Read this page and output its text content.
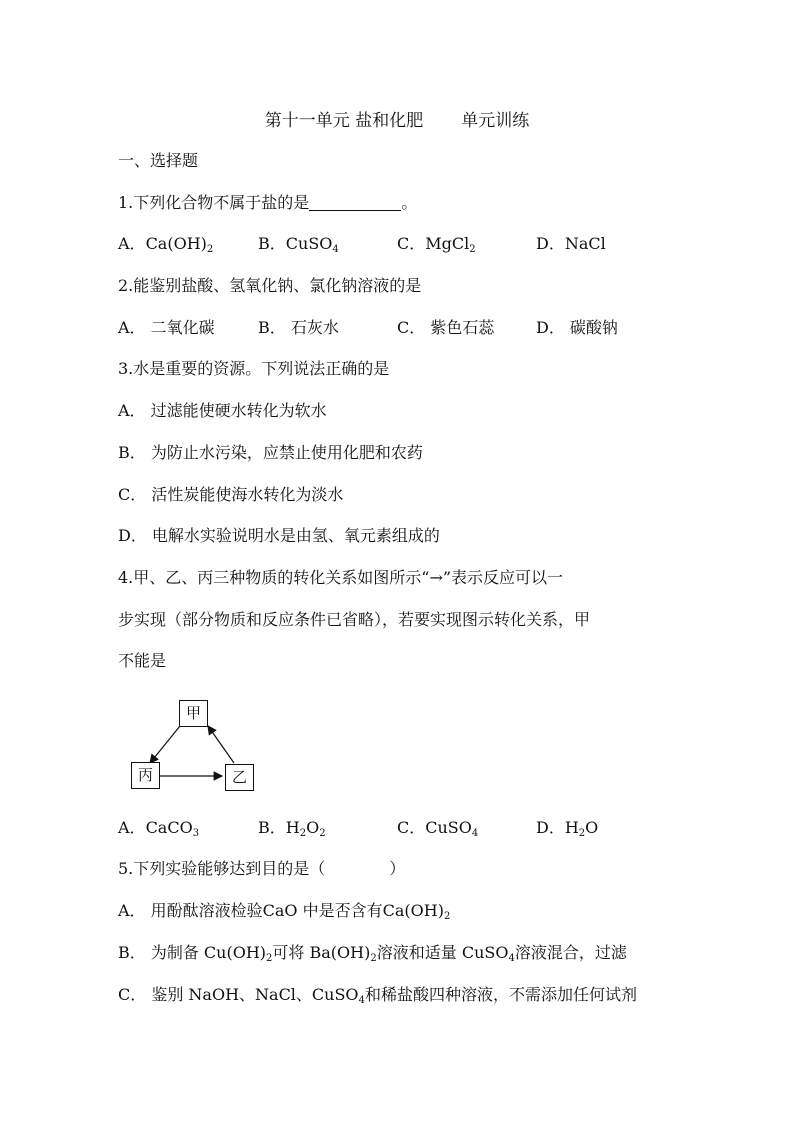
第十一单元 盐和化肥 单元训练
一、选择题
1.下列化合物不属于盐的是	。
A．$Ca(OH)_2$	B．CuSO$_4$	C．MgCl$_2$	D．NaCl
2.能鉴别盐酸、氢氧化钠、氯化钠溶液的是
A． 二氧化碳	B． 石灰水	C． 紫色石蕊	D． 碳酸钠
3.水是重要的资源。下列说法正确的是
A． 过滤能使硬水转化为软水
B． 为防止水污染，应禁止使用化肥和农药
C． 活性炭能使海水转化为淡水
D． 电解水实验说明水是由氢、氧元素组成的
4.甲、乙、丙三种物质的转化关系如图所示“→”表示反应可以一
步实现（部分物质和反应条件已省略），若要实现图示转化关系，甲
不能是
甲
丙	乙
A．CaCO$_3$	B．$H_2O_2$	C．CuSO$_4$	D．$H_2O$
5.下列实验能够达到目的是（	）
A． 用酚酞溶液检验CaO 中是否含有$Ca(OH)_2$
B． 为制备 $Cu(OH)_2$可将 $Ba(OH)_2$溶液和适量 CuSO$_4$溶液混合，过滤
C． 鉴别 NaOH、NaCl、CuSO$_4$和稀盐酸四种溶液，不需添加任何试剂
